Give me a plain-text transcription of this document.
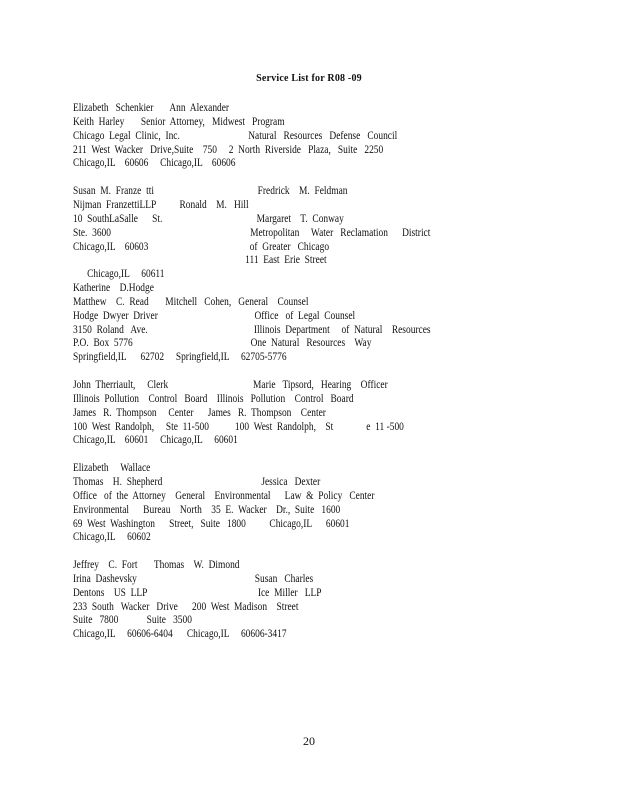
Service List for R08 -09
Elizabeth   Schenkier       Ann  Alexander
Keith  Harley       Senior  Attorney,   Midwest   Program
Chicago  Legal  Clinic,  Inc.                             Natural   Resources   Defense   Council
211  West  Wacker   Drive,Suite    750     2  North  Riverside   Plaza,   Suite   2250
Chicago,IL    60606     Chicago,IL    60606
Susan  M.  Franze  tti                                            Fredrick    M.  Feldman
Nijman  FranzettiLLP          Ronald    M.   Hill
10  SouthLaSalle      St.                                        Margaret    T.  Conway
Ste.  3600                                                           Metropolitan     Water   Reclamation      District
Chicago,IL    60603                                           of  Greater   Chicago
111  East  Erie  Street
Chicago,IL     60611
Katherine    D.Hodge
Matthew    C.  Read       Mitchell   Cohen,   General    Counsel
Hodge  Dwyer  Driver                                         Office   of  Legal  Counsel
3150  Roland   Ave.                                             Illinois  Department     of  Natural    Resources
P.O.  Box  5776                                                  One  Natural   Resources    Way
Springfield,IL      62702     Springfield,IL     62705-5776
John  Therriault,     Clerk                                    Marie   Tipsord,   Hearing    Officer
Illinois  Pollution    Control   Board    Illinois   Pollution    Control   Board
James   R.  Thompson     Center      James   R.  Thompson    Center
100  West  Randolph,     Ste  11-500           100  West  Randolph,    St              e  11 -500
Chicago,IL    60601     Chicago,IL     60601
Elizabeth     Wallace
Thomas    H.  Shepherd                                          Jessica   Dexter
Office   of  the  Attorney    General    Environmental      Law  &  Policy   Center
Environmental      Bureau    North    35  E.  Wacker    Dr.,  Suite   1600
69  West  Washington      Street,   Suite   1800          Chicago,IL      60601
Chicago,IL     60602
Jeffrey    C.  Fort       Thomas    W.  Dimond
Irina  Dashevsky                                                  Susan   Charles
Dentons    US  LLP                                               Ice  Miller   LLP
233  South   Wacker   Drive      200  West  Madison    Street
Suite   7800            Suite   3500
Chicago,IL     60606-6404      Chicago,IL     60606-3417
20
